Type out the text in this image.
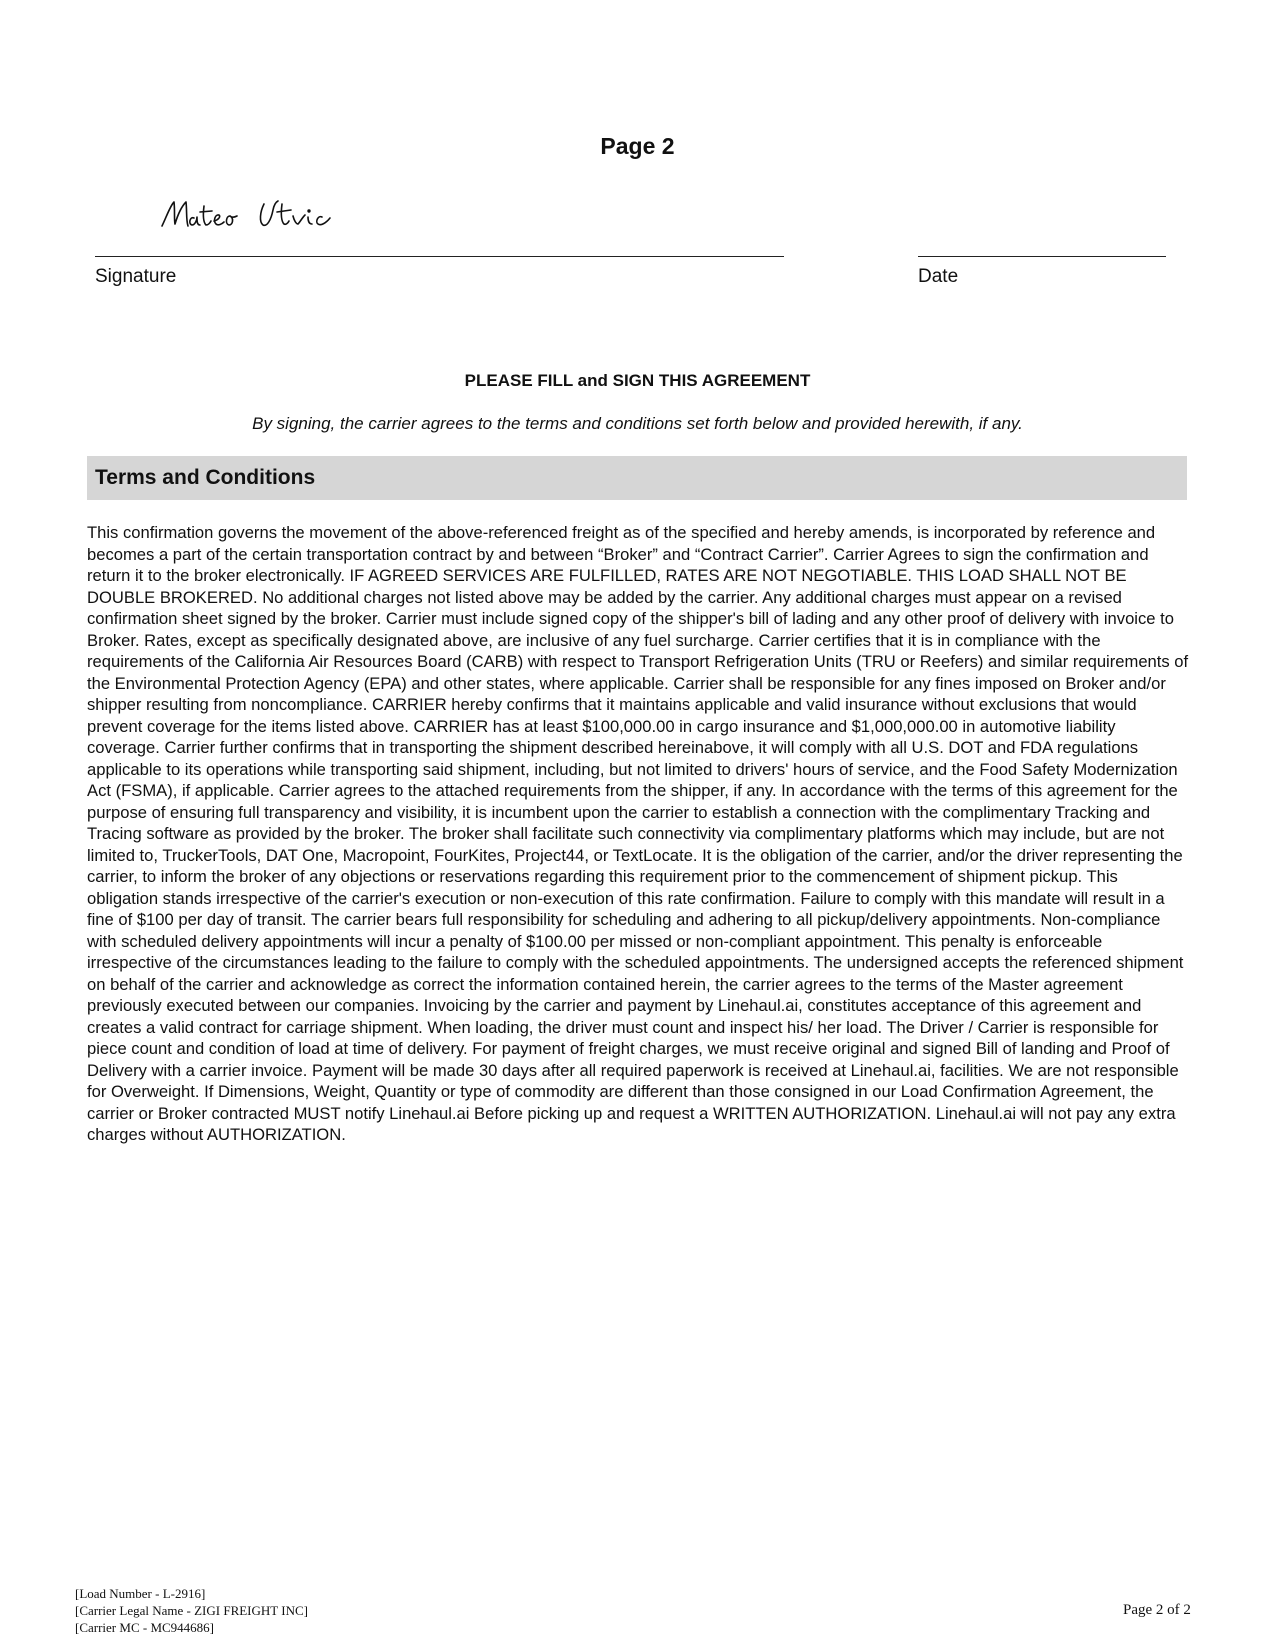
Page 2
Signature	Date
PLEASE FILL and SIGN THIS AGREEMENT
By signing, the carrier agrees to the terms and conditions set forth below and provided herewith, if any.
Terms and Conditions
This confirmation governs the movement of the above-referenced freight as of the specified and hereby amends, is incorporated by reference and becomes a part of the certain transportation contract by and between “Broker” and “Contract Carrier”. Carrier Agrees to sign the confirmation and return it to the broker electronically. IF AGREED SERVICES ARE FULFILLED, RATES ARE NOT NEGOTIABLE. THIS LOAD SHALL NOT BE DOUBLE BROKERED. No additional charges not listed above may be added by the carrier. Any additional charges must appear on a revised confirmation sheet signed by the broker. Carrier must include signed copy of the shipper's bill of lading and any other proof of delivery with invoice to Broker. Rates, except as specifically designated above, are inclusive of any fuel surcharge. Carrier certifies that it is in compliance with the requirements of the California Air Resources Board (CARB) with respect to Transport Refrigeration Units (TRU or Reefers) and similar requirements of the Environmental Protection Agency (EPA) and other states, where applicable. Carrier shall be responsible for any fines imposed on Broker and/or shipper resulting from noncompliance. CARRIER hereby confirms that it maintains applicable and valid insurance without exclusions that would prevent coverage for the items listed above. CARRIER has at least $100,000.00 in cargo insurance and $1,000,000.00 in automotive liability coverage. Carrier further confirms that in transporting the shipment described hereinabove, it will comply with all U.S. DOT and FDA regulations applicable to its operations while transporting said shipment, including, but not limited to drivers' hours of service, and the Food Safety Modernization Act (FSMA), if applicable. Carrier agrees to the attached requirements from the shipper, if any. In accordance with the terms of this agreement for the purpose of ensuring full transparency and visibility, it is incumbent upon the carrier to establish a connection with the complimentary Tracking and Tracing software as provided by the broker. The broker shall facilitate such connectivity via complimentary platforms which may include, but are not limited to, TruckerTools, DAT One, Macropoint, FourKites, Project44, or TextLocate. It is the obligation of the carrier, and/or the driver representing the carrier, to inform the broker of any objections or reservations regarding this requirement prior to the commencement of shipment pickup. This obligation stands irrespective of the carrier's execution or non-execution of this rate confirmation. Failure to comply with this mandate will result in a fine of $100 per day of transit. The carrier bears full responsibility for scheduling and adhering to all pickup/delivery appointments. Non-compliance with scheduled delivery appointments will incur a penalty of $100.00 per missed or non-compliant appointment. This penalty is enforceable irrespective of the circumstances leading to the failure to comply with the scheduled appointments. The undersigned accepts the referenced shipment on behalf of the carrier and acknowledge as correct the information contained herein, the carrier agrees to the terms of the Master agreement previously executed between our companies. Invoicing by the carrier and payment by Linehaul.ai, constitutes acceptance of this agreement and creates a valid contract for carriage shipment. When loading, the driver must count and inspect his/ her load. The Driver / Carrier is responsible for piece count and condition of load at time of delivery. For payment of freight charges, we must receive original and signed Bill of landing and Proof of Delivery with a carrier invoice. Payment will be made 30 days after all required paperwork is received at Linehaul.ai, facilities. We are not responsible for Overweight. If Dimensions, Weight, Quantity or type of commodity are different than those consigned in our Load Confirmation Agreement, the carrier or Broker contracted MUST notify Linehaul.ai Before picking up and request a WRITTEN AUTHORIZATION. Linehaul.ai will not pay any extra charges without AUTHORIZATION.
[Load Number - L-2916]
[Carrier Legal Name - ZIGI FREIGHT INC]
[Carrier MC - MC944686]
Page 2 of 2
